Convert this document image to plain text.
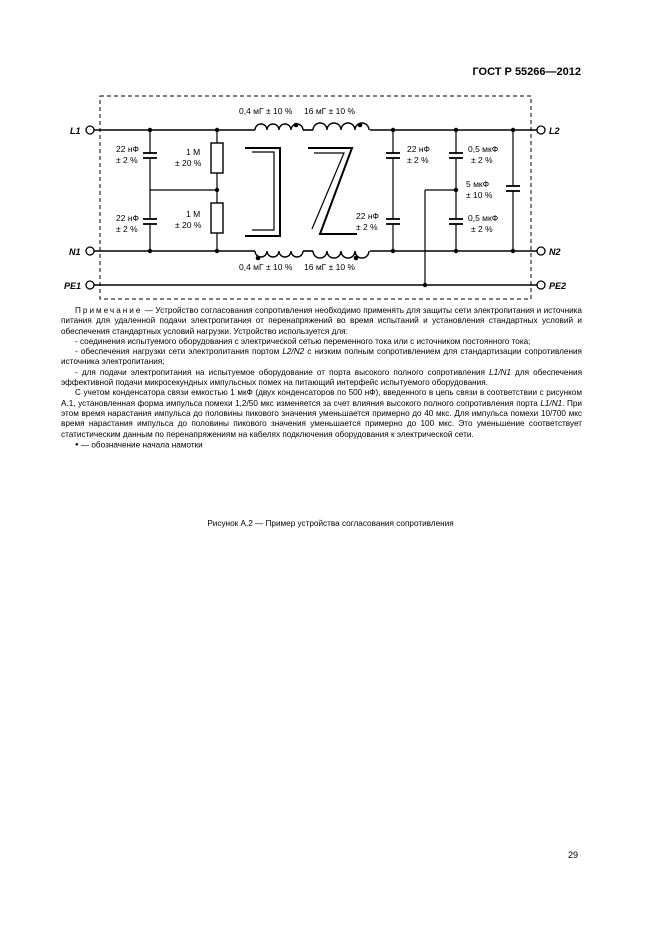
ГОСТ Р 55266—2012
L1
N1
PE1
L2
N2
PE2
0,4 мГ ± 10 % 16 мГ ± 10 %
0,4 мГ ± 10 % 16 мГ ± 10 %
22 нФ
± 2 %
22 нФ
± 2 %
1 М
± 20 %
1 М
± 20 %
22 нФ
± 2 %
22 нФ
± 2 %
0,5 мкФ
± 2 %
0,5 мкФ
± 2 %
5 мкФ
± 10 %

Примечание — Устройство согласования сопротивления необходимо применять для защиты сети электропитания и источника питания для удаленной подачи электропитания от перенапряжений во время испытаний и установления стандартных условий и обеспечения стандартных условий нагрузки. Устройство используется для:

- соединения испытуемого оборудования с электрической сетью переменного тока или с источником постоянного тока;

- обеспечения нагрузки сети электропитания портом L2/N2 с низким полным сопротивлением для стандартизации сопротивления источника электропитания;

- для подачи электропитания на испытуемое оборудование от порта высокого полного сопротивления L1/N1 для обеспечения эффективной подачи микросекундных импульсных помех на питающий интерфейс испытуемого оборудования.

С учетом конденсатора связи емкостью 1 мкФ (двух конденсаторов по 500 нФ), введенного в цепь связи в соответствии с рисунком А.1, установленная форма импульса помехи 1,2/50 мкс изменяется за счет влияния высокого полного сопротивления порта L1/N1. При этом время нарастания импульса до половины пикового значения уменьшается примерно до 40 мкс. Для импульса помехи 10/700 мкс время нарастания импульса до половины пикового значения уменьшается примерно до 100 мкс. Это уменьшение соответствует статистическим данным по перенапряжениям на кабелях подключения оборудования к электрической сети.

● — обозначение начала намотки

Рисунок А.2 — Пример устройства согласования сопротивления
29
